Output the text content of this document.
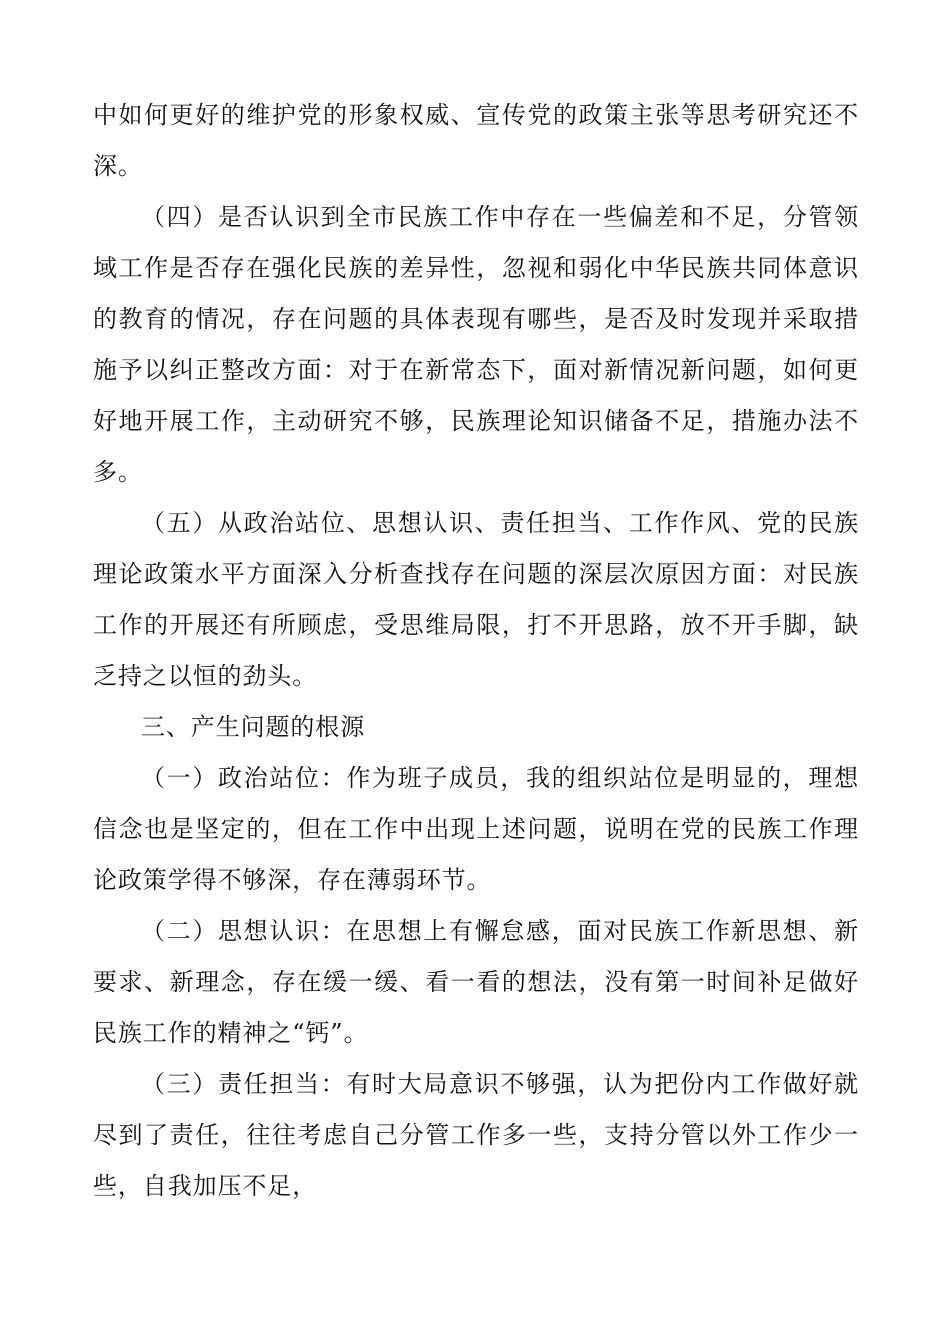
中如何更好的维护党的形象权威、宣传党的政策主张等思考研究还不深。

（四）是否认识到全市民族工作中存在一些偏差和不足，分管领域工作是否存在强化民族的差异性，忽视和弱化中华民族共同体意识的教育的情况，存在问题的具体表现有哪些，是否及时发现并采取措施予以纠正整改方面：对于在新常态下，面对新情况新问题，如何更好地开展工作，主动研究不够，民族理论知识储备不足，措施办法不多。

（五）从政治站位、思想认识、责任担当、工作作风、党的民族理论政策水平方面深入分析查找存在问题的深层次原因方面：对民族工作的开展还有所顾虑，受思维局限，打不开思路，放不开手脚，缺乏持之以恒的劲头。

三、产生问题的根源

（一）政治站位：作为班子成员，我的组织站位是明显的，理想信念也是坚定的，但在工作中出现上述问题，说明在党的民族工作理论政策学得不够深，存在薄弱环节。

（二）思想认识：在思想上有懈怠感，面对民族工作新思想、新要求、新理念，存在缓一缓、看一看的想法，没有第一时间补足做好民族工作的精神之“钙”。

（三）责任担当：有时大局意识不够强，认为把份内工作做好就尽到了责任，往往考虑自己分管工作多一些，支持分管以外工作少一些，自我加压不足，
